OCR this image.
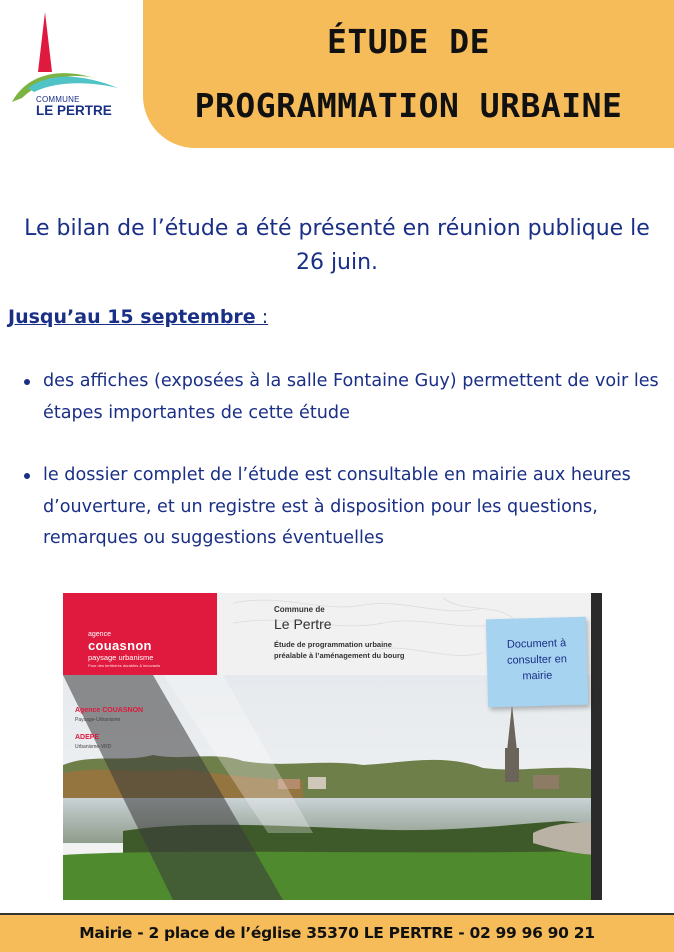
COMMUNE
LE PERTRE
ÉTUDE DE
PROGRAMMATION URBAINE
Le bilan de l’étude a été présenté en réunion publique le 26 juin.
Jusqu’au 15 septembre :
des affiches (exposées à la salle Fontaine Guy) permettent de voir les étapes importantes de cette étude
le dossier complet de l’étude est consultable en mairie aux heures d’ouverture, et un registre est à disposition pour les questions, remarques ou suggestions éventuelles
agence
couasnon
paysage urbanisme
Pour des territoires durables & innovants
Commune de
Le Pertre
Étude de programmation urbaine
préalable à l’aménagement du bourg
Agence COUASNON
Paysage-Urbanisme
ADEPE
Urbanisme-VRD
Document à consulter en mairie
Mairie - 2 place de l’église 35370 LE PERTRE - 02 99 96 90 21
